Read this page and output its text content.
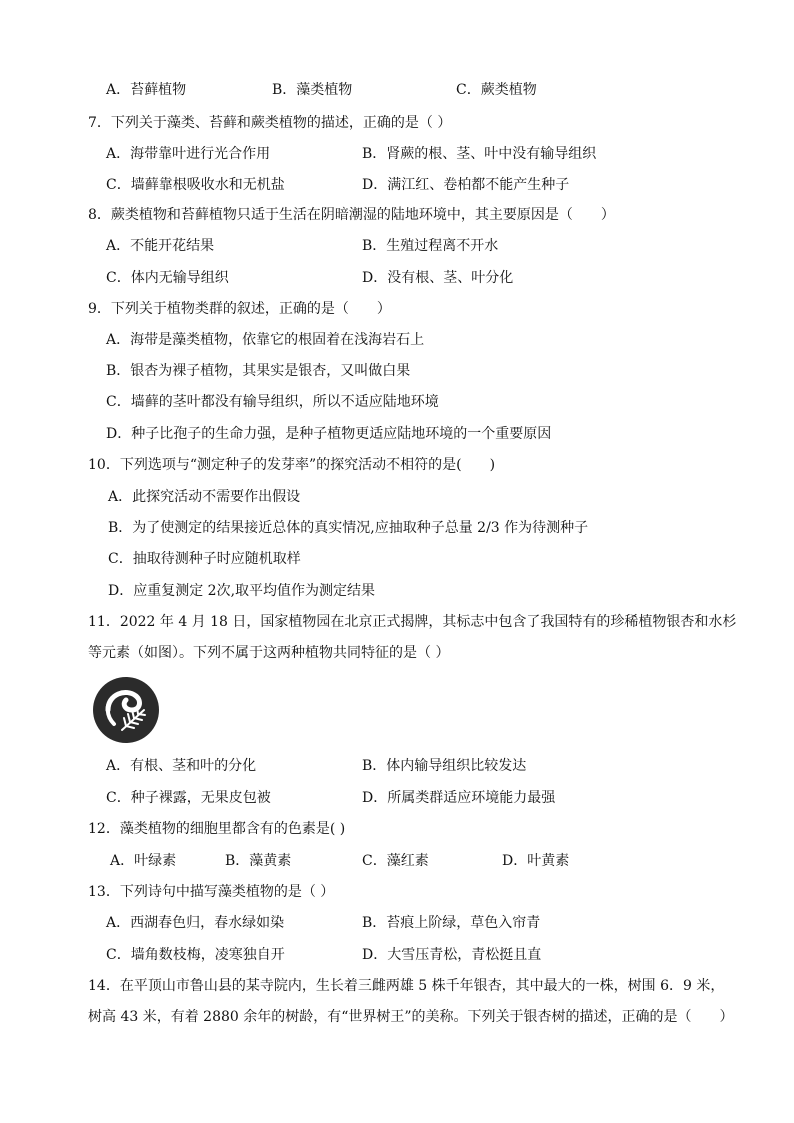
A．苔藓植物	B．藻类植物	C．蕨类植物
7．下列关于藻类、苔藓和蕨类植物的描述，正确的是（ ）
A．海带靠叶进行光合作用	B．肾蕨的根、茎、叶中没有输导组织
C．墙藓靠根吸收水和无机盐	D．满江红、卷柏都不能产生种子
8．蕨类植物和苔藓植物只适于生活在阴暗潮湿的陆地环境中，其主要原因是（　　）
A．不能开花结果	B．生殖过程离不开水
C．体内无输导组织	D．没有根、茎、叶分化
9．下列关于植物类群的叙述，正确的是（　　）
A．海带是藻类植物，依靠它的根固着在浅海岩石上
B．银杏为裸子植物，其果实是银杏，又叫做白果
C．墙藓的茎叶都没有输导组织，所以不适应陆地环境
D．种子比孢子的生命力强，是种子植物更适应陆地环境的一个重要原因
10．下列选项与“测定种子的发芽率”的探究活动不相符的是(　　)
A．此探究活动不需要作出假设
B．为了使测定的结果接近总体的真实情况,应抽取种子总量 2/3 作为待测种子
C．抽取待测种子时应随机取样
D．应重复测定 2次,取平均值作为测定结果
11．2022 年 4 月 18 日，国家植物园在北京正式揭牌，其标志中包含了我国特有的珍稀植物银杏和水杉
等元素（如图）。下列不属于这两种植物共同特征的是（ ）
A．有根、茎和叶的分化	B．体内输导组织比较发达
C．种子裸露，无果皮包被	D．所属类群适应环境能力最强
12．藻类植物的细胞里都含有的色素是( )
A．叶绿素	B．藻黄素	C．藻红素	D．叶黄素
13．下列诗句中描写藻类植物的是（ ）
A．西湖春色归，春水绿如染	B．苔痕上阶绿，草色入帘青
C．墙角数枝梅，凌寒独自开	D．大雪压青松，青松挺且直
14．在平顶山市鲁山县的某寺院内，生长着三雌两雄 5 株千年银杏，其中最大的一株，树围 6．9 米，
树高 43 米，有着 2880 余年的树龄，有“世界树王”的美称。下列关于银杏树的描述，正确的是（　　）
